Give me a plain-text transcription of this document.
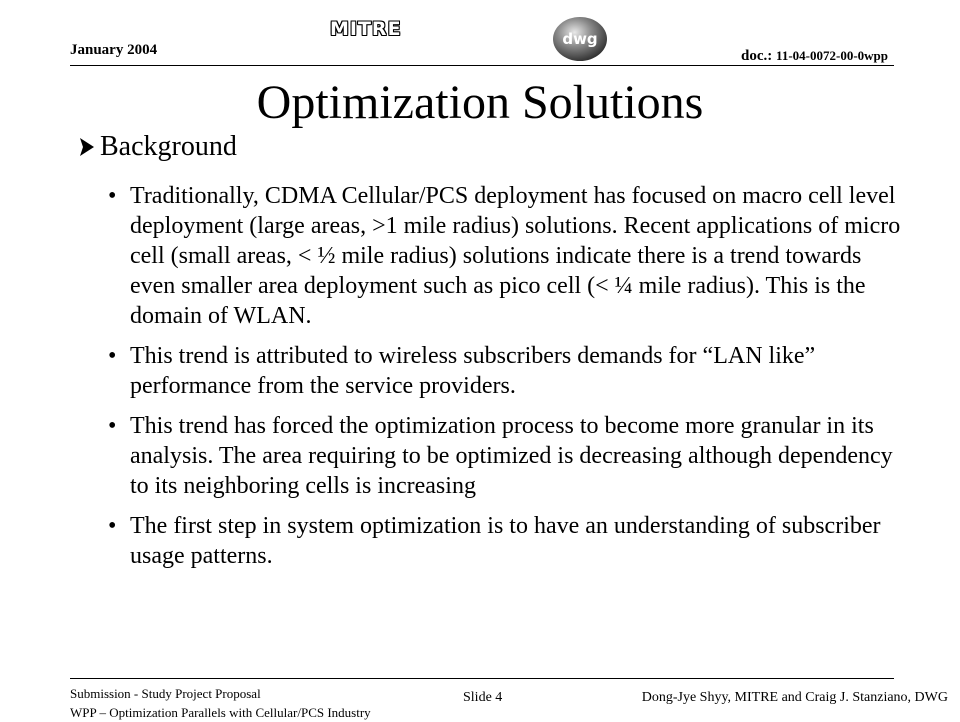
January 2004
MITRE	dwg
doc.: 11-04-0072-00-0wpp
Optimization Solutions
Background
• Traditionally, CDMA Cellular/PCS deployment has focused on macro cell level deployment (large areas, >1 mile radius) solutions. Recent applications of micro cell (small areas, < ½ mile radius) solutions indicate there is a trend towards even smaller area deployment such as pico cell (< ¼ mile radius). This is the domain of WLAN.
• This trend is attributed to wireless subscribers demands for “LAN like” performance from the service providers.
• This trend has forced the optimization process to become more granular in its analysis. The area requiring to be optimized is decreasing although dependency to its neighboring cells is increasing
• The first step in system optimization is to have an understanding of subscriber usage patterns.
Submission - Study Project Proposal
WPP – Optimization Parallels with Cellular/PCS Industry
Slide 4	Dong-Jye Shyy, MITRE and Craig J. Stanziano, DWG
